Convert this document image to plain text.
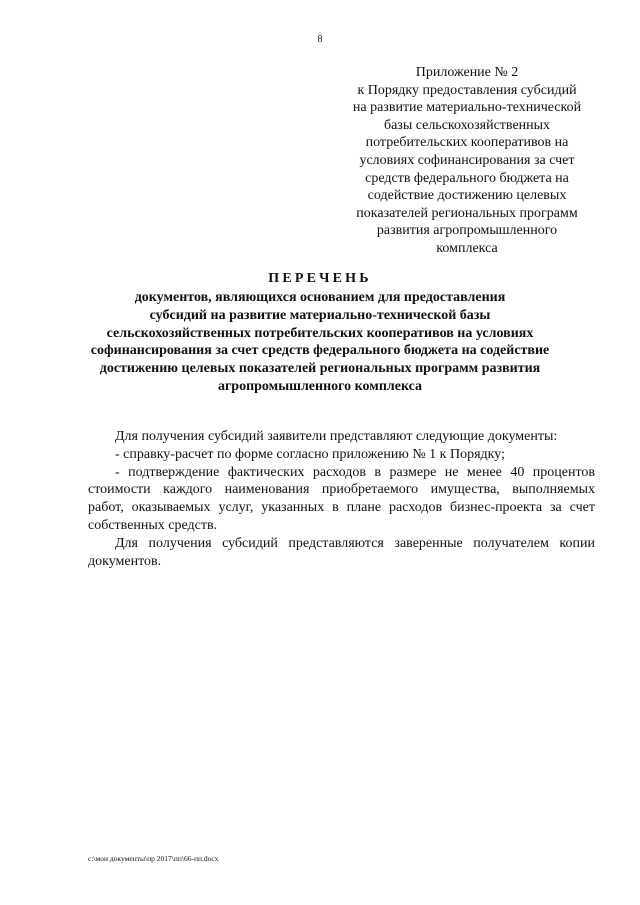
8
Приложение № 2
к Порядку предоставления субсидий
на развитие материально-технической
базы сельскохозяйственных
потребительских кооперативов на
условиях софинансирования за счет
средств федерального бюджета на
содействие достижению целевых
показателей региональных программ
развития агропромышленного
комплекса
ПЕРЕЧЕНЬ
документов, являющихся основанием для предоставления
субсидий на развитие материально-технической базы
сельскохозяйственных потребительских кооперативов на условиях
софинансирования за счет средств федерального бюджета на содействие
достижению целевых показателей региональных программ развития
агропромышленного комплекса
Для получения субсидий заявители представляют следующие документы:
- справку-расчет по форме согласно приложению № 1 к Порядку;
- подтверждение фактических расходов в размере не менее 40 процентов
стоимости каждого наименования приобретаемого имущества, выполняемых
работ, оказываемых услуг, указанных в плане расходов бизнес-проекта за счет
собственных средств.
Для получения субсидий представляются заверенные получателем копии
документов.
c:\мои документы\пр 2017\пп\66-пп.docx
